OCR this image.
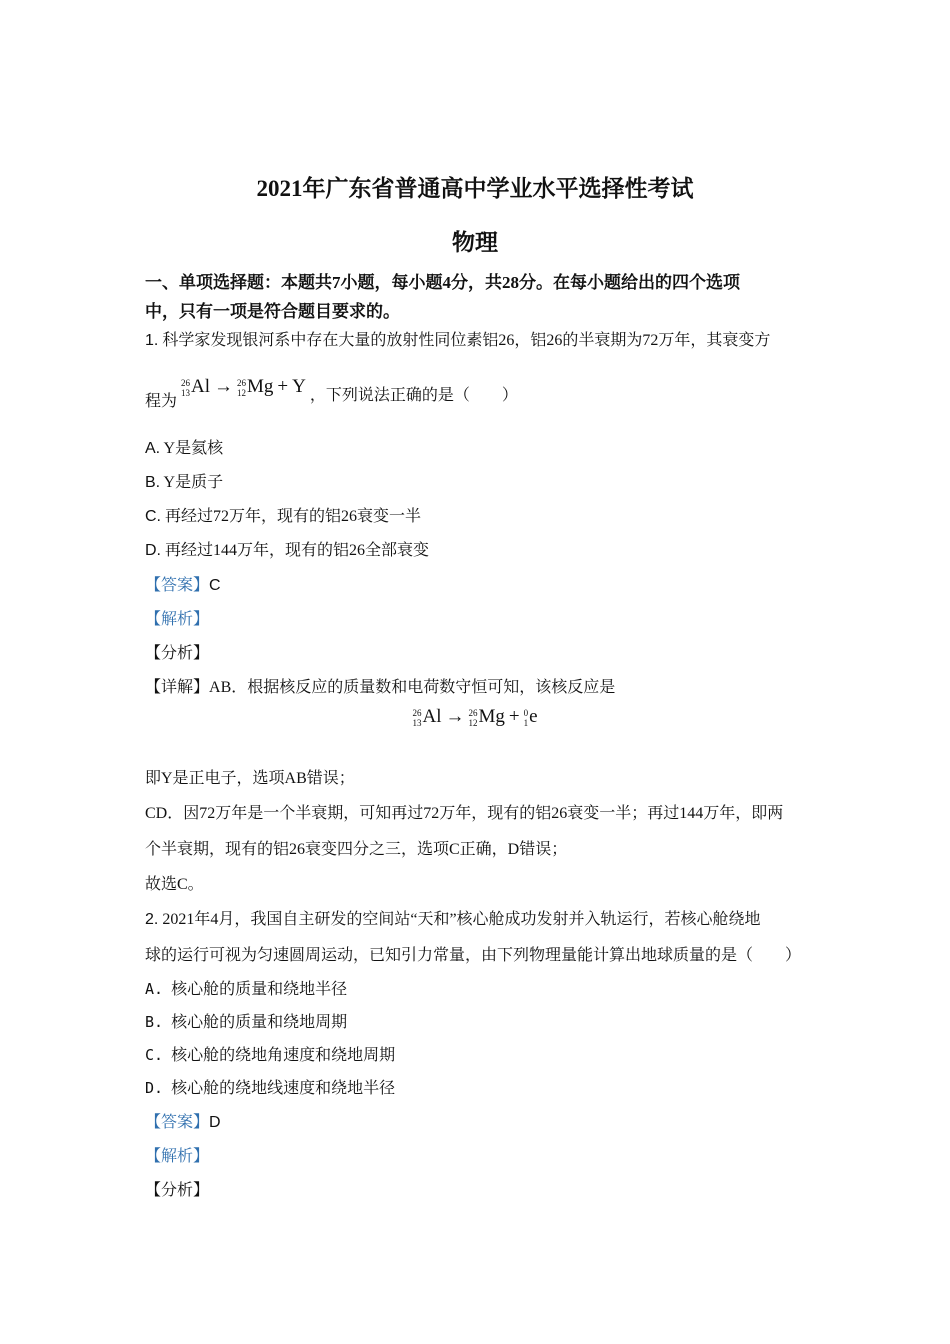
2021年广东省普通高中学业水平选择性考试
物理
一、单项选择题：本题共7小题，每小题4分，共28分。在每小题给出的四个选项
中，只有一项是符合题目要求的。
1. 科学家发现银河系中存在大量的放射性同位素铝26，铝26的半衰期为72万年，其衰变方
程为
26
13 Al → 26
12 Mg + Y ，下列说法正确的是（　　）
A. Y是氦核
B. Y是质子
C. 再经过72万年，现有的铝26衰变一半
D. 再经过144万年，现有的铝26全部衰变
【答案】C
【解析】
【分析】
【详解】AB．根据核反应的质量数和电荷数守恒可知，该核反应是
26
13 Al → 26
12 Mg + 0
1 e
即Y是正电子，选项AB错误；
CD．因72万年是一个半衰期，可知再过72万年，现有的铝26衰变一半；再过144万年，即两
个半衰期，现有的铝26衰变四分之三，选项C正确，D错误；
故选C。
2. 2021年4月，我国自主研发的空间站“天和”核心舱成功发射并入轨运行，若核心舱绕地
球的运行可视为匀速圆周运动，已知引力常量，由下列物理量能计算出地球质量的是（　　）
A. 核心舱的质量和绕地半径
B. 核心舱的质量和绕地周期
C. 核心舱的绕地角速度和绕地周期
D. 核心舱的绕地线速度和绕地半径
【答案】D
【解析】
【分析】
